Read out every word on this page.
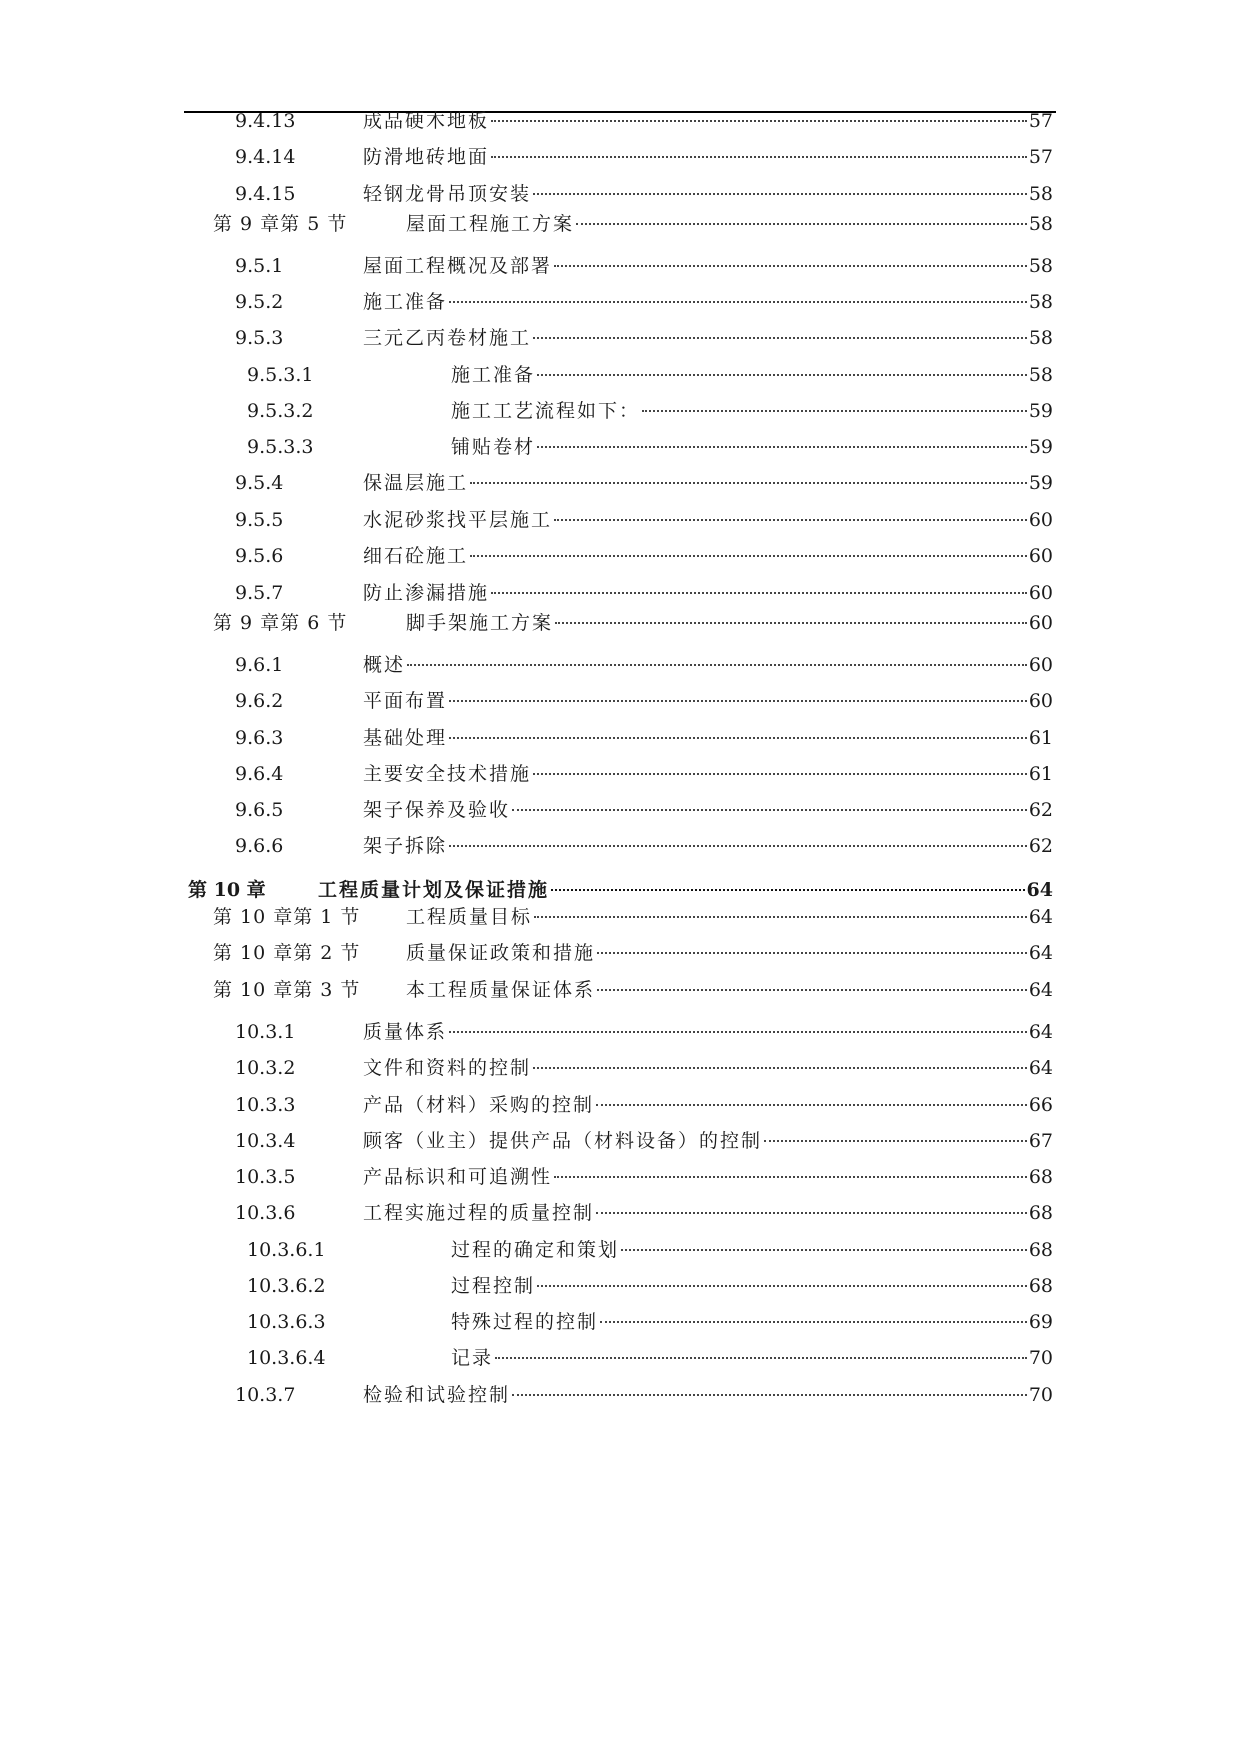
9.4.13	成品硬木地板	57
9.4.14	防滑地砖地面	57
9.4.15	轻钢龙骨吊顶安装	58
第 9 章第 5 节	屋面工程施工方案	58
9.5.1	屋面工程概况及部署	58
9.5.2	施工准备	58
9.5.3	三元乙丙卷材施工	58
9.5.3.1	施工准备	58
9.5.3.2	施工工艺流程如下：	59
9.5.3.3	铺贴卷材	59
9.5.4	保温层施工	59
9.5.5	水泥砂浆找平层施工	60
9.5.6	细石砼施工	60
9.5.7	防止渗漏措施	60
第 9 章第 6 节	脚手架施工方案	60
9.6.1	概述	60
9.6.2	平面布置	60
9.6.3	基础处理	61
9.6.4	主要安全技术措施	61
9.6.5	架子保养及验收	62
9.6.6	架子拆除	62
第 10 章	工程质量计划及保证措施	64
第 10 章第 1 节 工程质量目标	64
第 10 章第 2 节 质量保证政策和措施	64
第 10 章第 3 节 本工程质量保证体系	64
10.3.1	质量体系	64
10.3.2	文件和资料的控制	64
10.3.3	产品（材料）采购的控制	66
10.3.4	顾客（业主）提供产品（材料设备）的控制	67
10.3.5	产品标识和可追溯性	68
10.3.6	工程实施过程的质量控制	68
10.3.6.1	过程的确定和策划	68
10.3.6.2	过程控制	68
10.3.6.3	特殊过程的控制	69
10.3.6.4	记录	70
10.3.7	检验和试验控制	70
